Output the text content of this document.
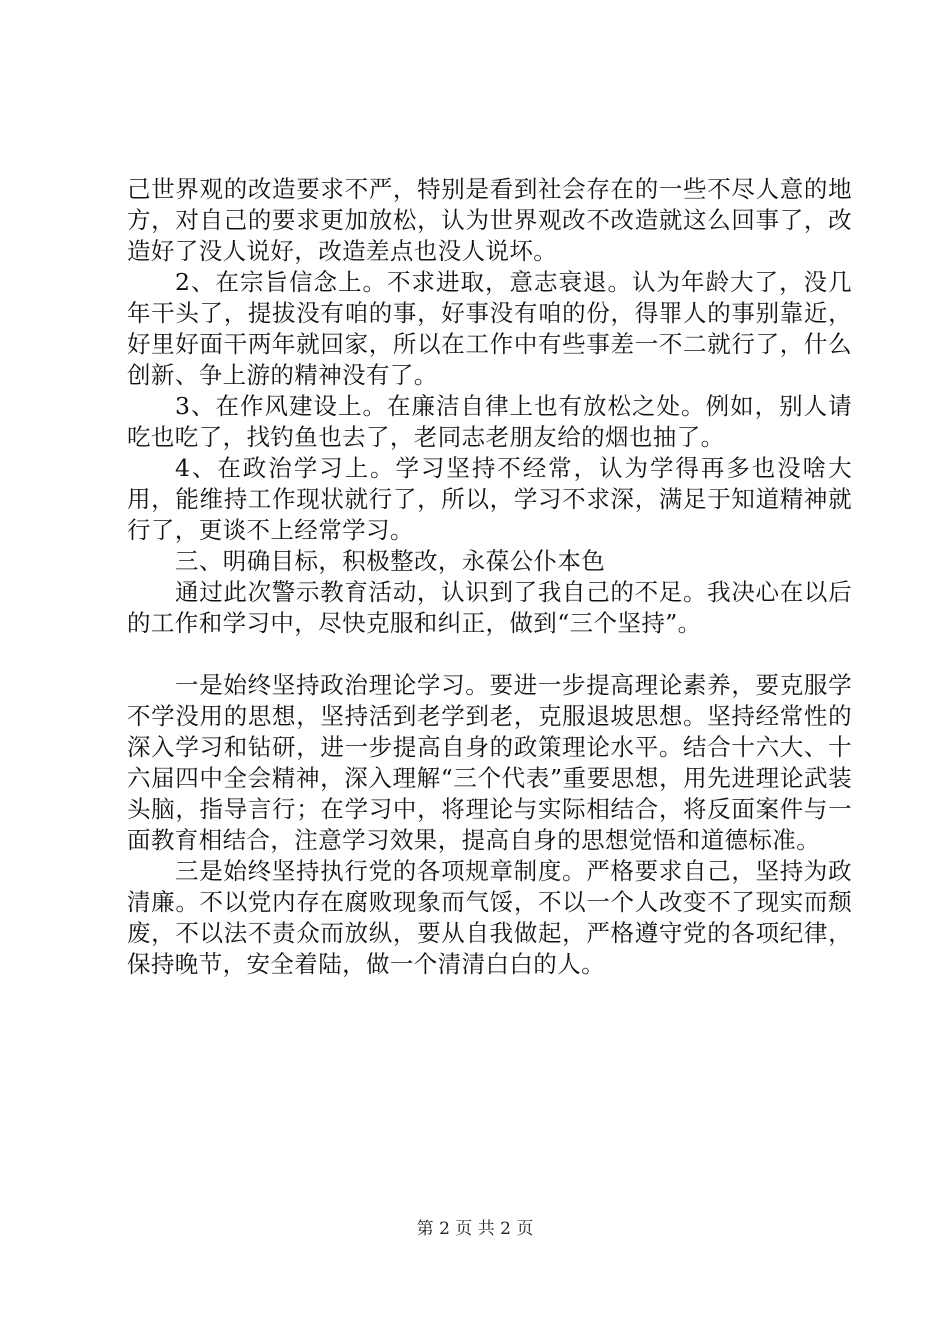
己世界观的改造要求不严，特别是看到社会存在的一些不尽人意的地方，对自己的要求更加放松，认为世界观改不改造就这么回事了，改造好了没人说好，改造差点也没人说坏。

2、在宗旨信念上。不求进取，意志衰退。认为年龄大了，没几年干头了，提拔没有咱的事，好事没有咱的份，得罪人的事别靠近，好里好面干两年就回家，所以在工作中有些事差一不二就行了，什么创新、争上游的精神没有了。

3、在作风建设上。在廉洁自律上也有放松之处。例如，别人请吃也吃了，找钓鱼也去了，老同志老朋友给的烟也抽了。

4、在政治学习上。学习坚持不经常，认为学得再多也没啥大用，能维持工作现状就行了，所以，学习不求深，满足于知道精神就行了，更谈不上经常学习。

三、明确目标，积极整改，永葆公仆本色

通过此次警示教育活动，认识到了我自己的不足。我决心在以后的工作和学习中，尽快克服和纠正，做到“三个坚持”。

一是始终坚持政治理论学习。要进一步提高理论素养，要克服学不学没用的思想，坚持活到老学到老，克服退坡思想。坚持经常性的深入学习和钻研，进一步提高自身的政策理论水平。结合十六大、十六届四中全会精神，深入理解“三个代表”重要思想，用先进理论武装头脑，指导言行；在学习中，将理论与实际相结合，将反面案件与一面教育相结合，注意学习效果，提高自身的思想觉悟和道德标准。

三是始终坚持执行党的各项规章制度。严格要求自己，坚持为政清廉。不以党内存在腐败现象而气馁，不以一个人改变不了现实而颓废，不以法不责众而放纵，要从自我做起，严格遵守党的各项纪律，保持晚节，安全着陆，做一个清清白白的人。

第 2 页 共 2 页
